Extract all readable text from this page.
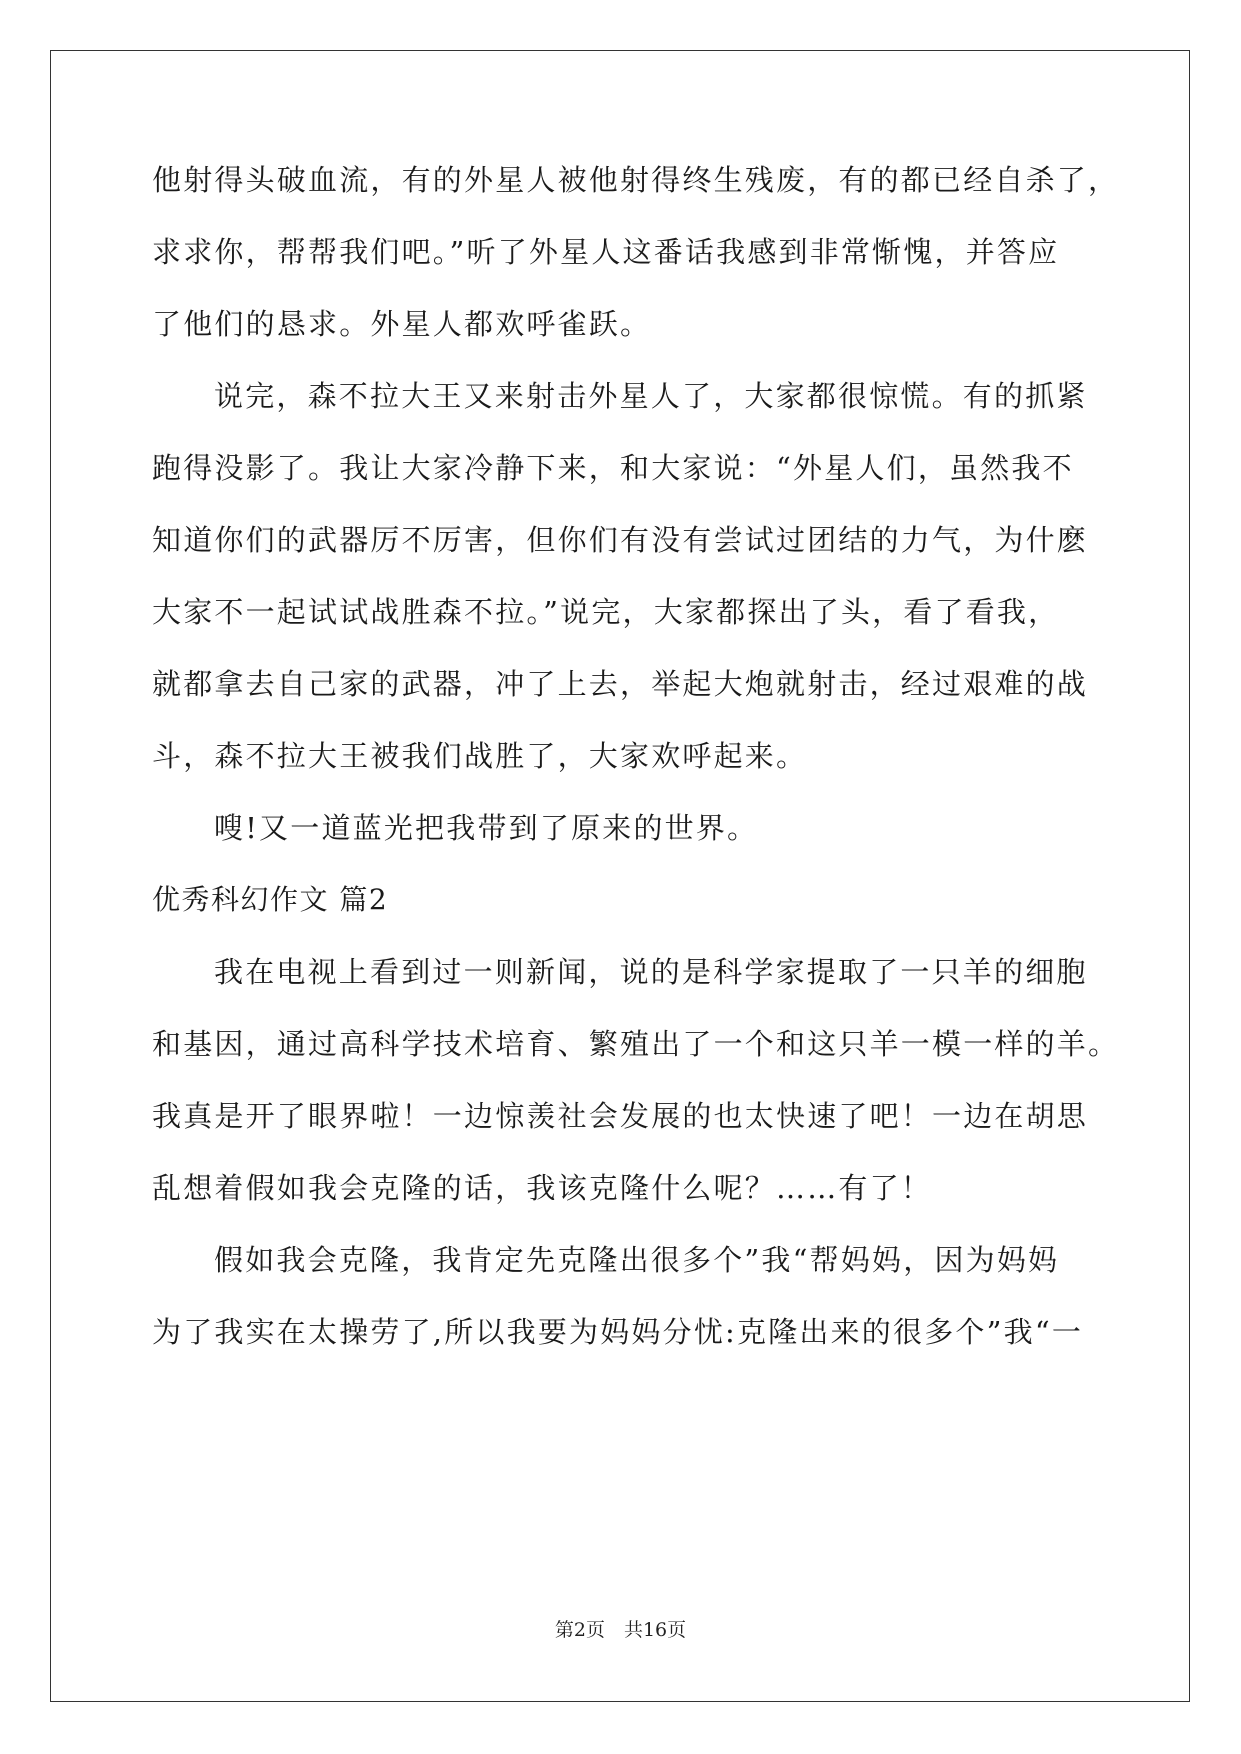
他射得头破血流，有的外星人被他射得终生残废，有的都已经自杀了，
求求你，帮帮我们吧。”听了外星人这番话我感到非常惭愧，并答应
了他们的恳求。外星人都欢呼雀跃。
说完，森不拉大王又来射击外星人了，大家都很惊慌。有的抓紧
跑得没影了。我让大家冷静下来，和大家说：“外星人们，虽然我不
知道你们的武器厉不厉害，但你们有没有尝试过团结的力气，为什麽
大家不一起试试战胜森不拉。”说完，大家都探出了头，看了看我，
就都拿去自己家的武器，冲了上去，举起大炮就射击，经过艰难的战
斗，森不拉大王被我们战胜了，大家欢呼起来。
嗖!又一道蓝光把我带到了原来的世界。
优秀科幻作文 篇2
我在电视上看到过一则新闻，说的是科学家提取了一只羊的细胞
和基因，通过高科学技术培育、繁殖出了一个和这只羊一模一样的羊。
我真是开了眼界啦！一边惊羡社会发展的也太快速了吧！一边在胡思
乱想着假如我会克隆的话，我该克隆什么呢？……有了！
假如我会克隆，我肯定先克隆出很多个”我“帮妈妈，因为妈妈
为了我实在太操劳了,所以我要为妈妈分忧:克隆出来的很多个”我“一
第2页　共16页
